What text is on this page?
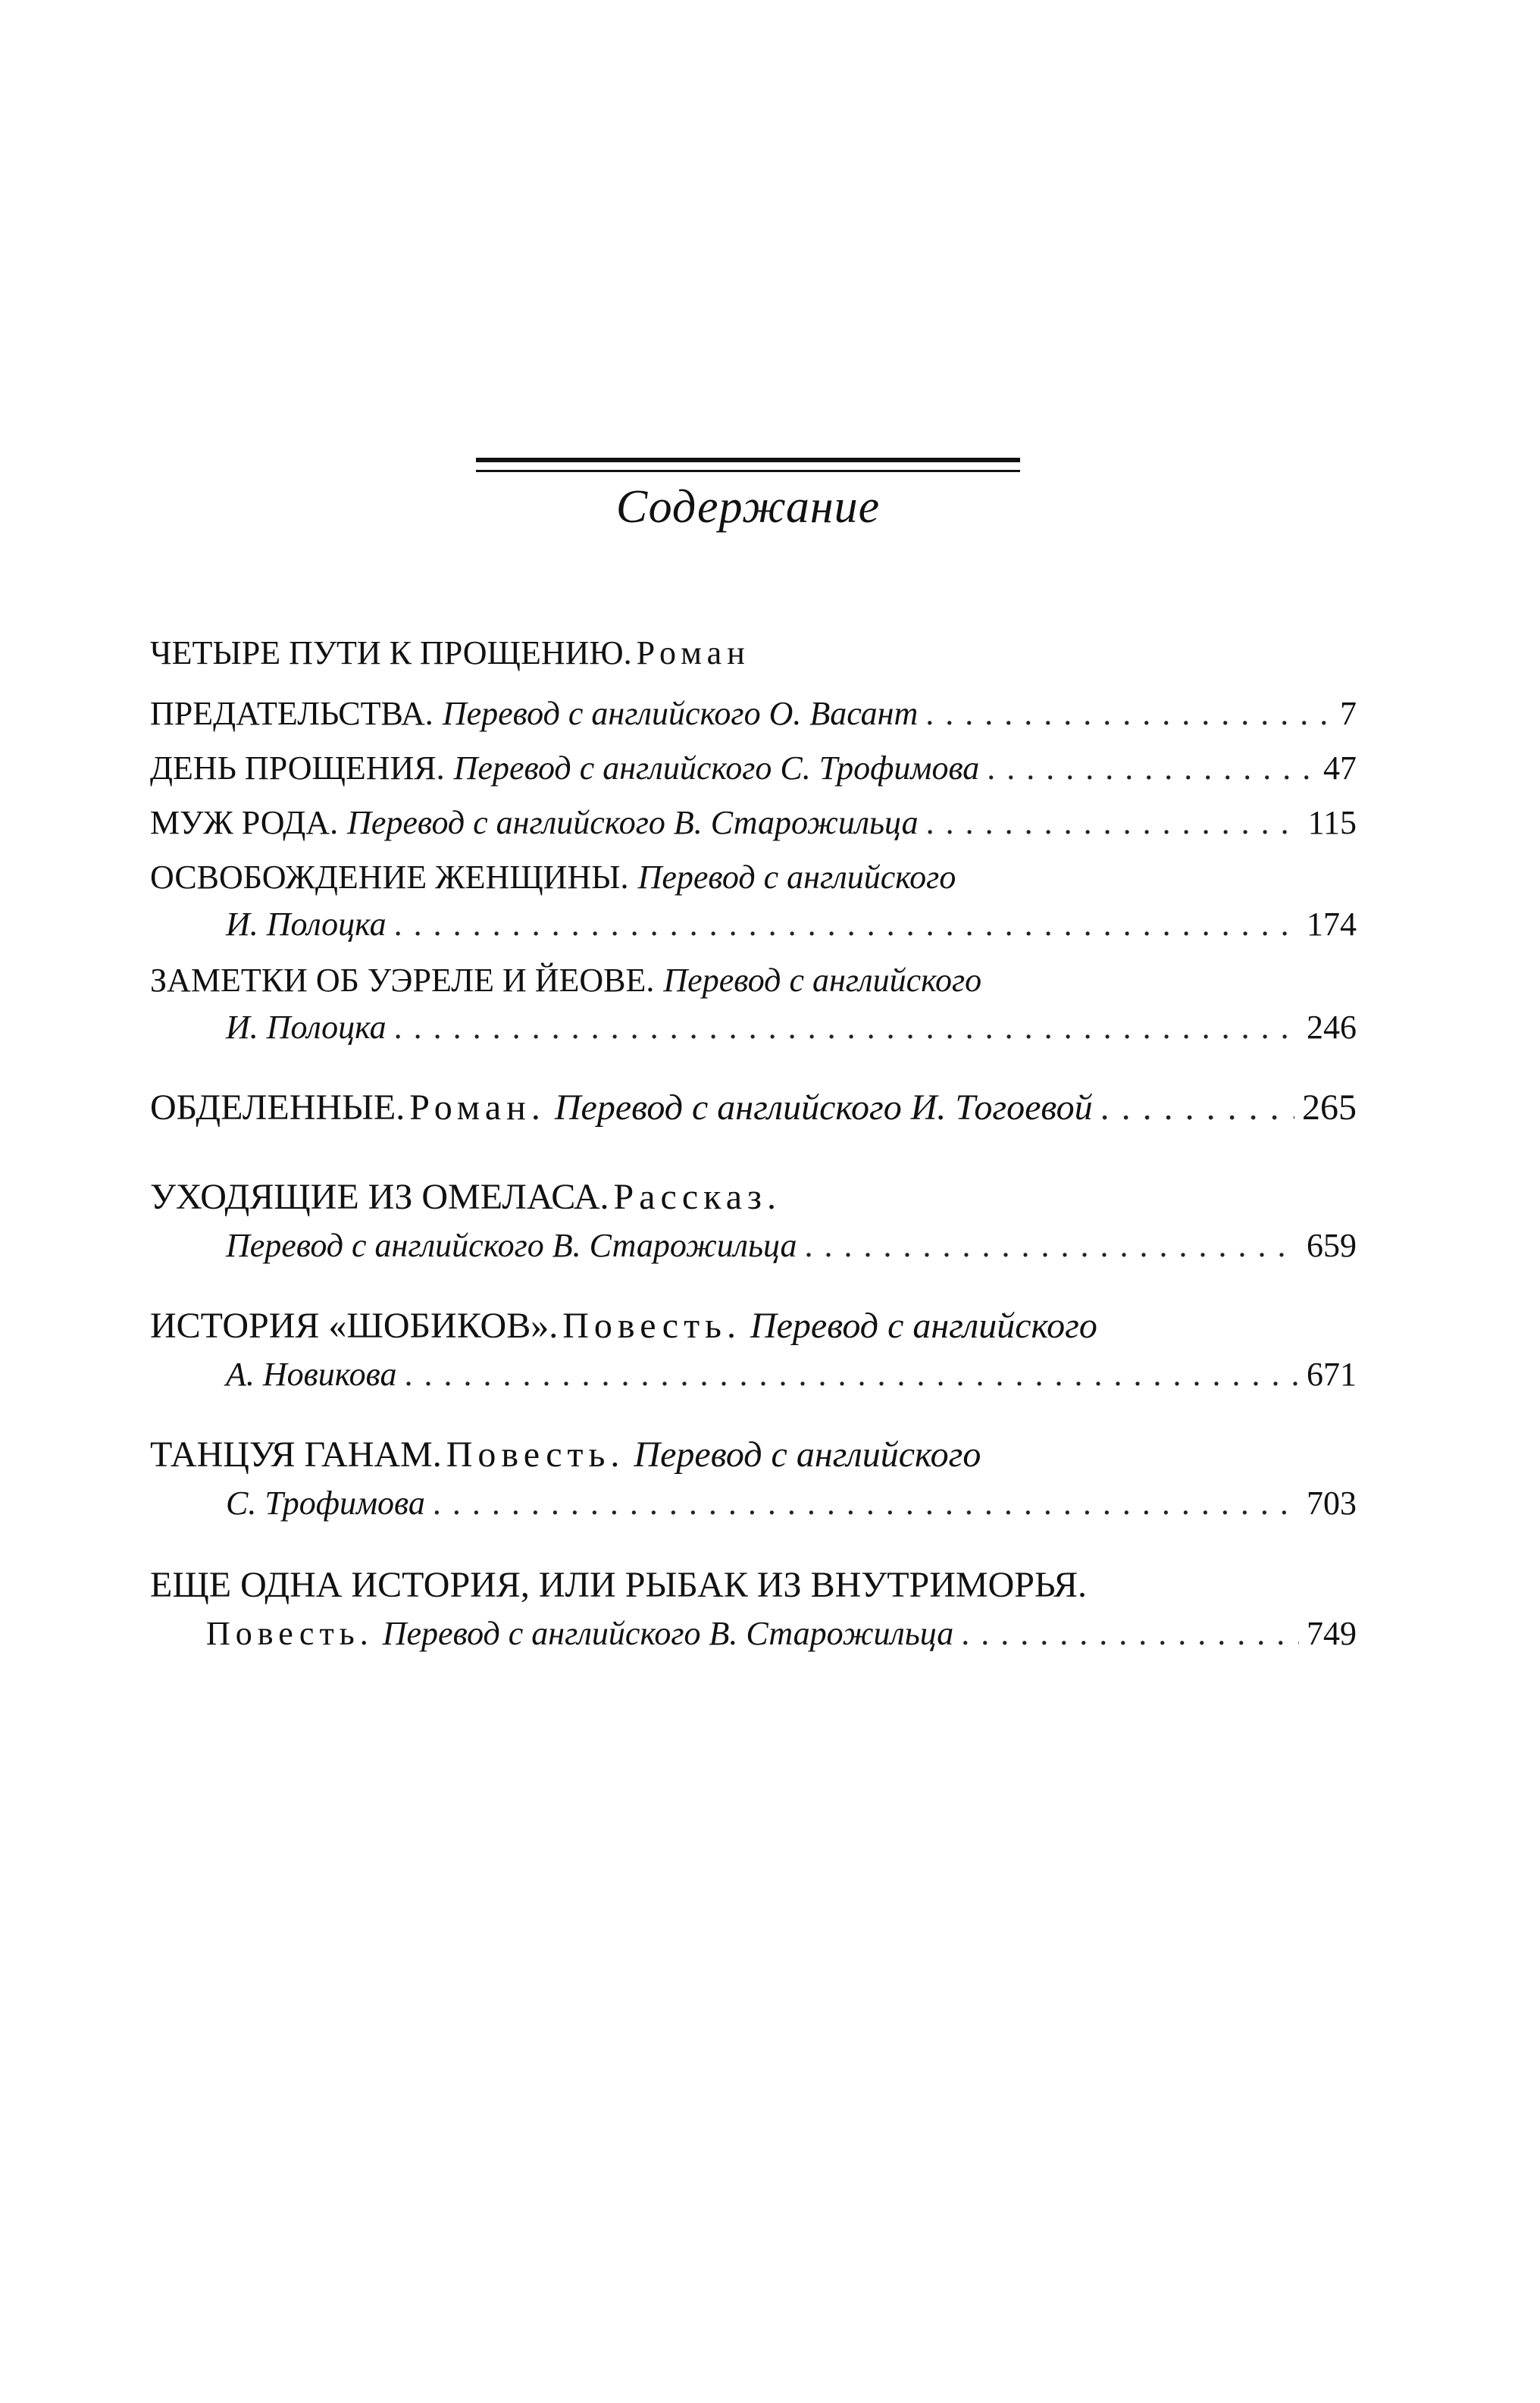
Содержание
ЧЕТЫРЕ ПУТИ К ПРОЩЕНИЮ. Роман
ПРЕДАТЕЛЬСТВА. Перевод с английского О. Васант . . .	7
ДЕНЬ ПРОЩЕНИЯ. Перевод с английского С. Трофимова . . .	47
МУЖ РОДА. Перевод с английского В. Старожильца . . .	115
ОСВОБОЖДЕНИЕ ЖЕНЩИНЫ. Перевод с английского
И. Полоцка . . .	174
ЗАМЕТКИ ОБ УЭРЕЛЕ И ЙЕОВЕ. Перевод с английского
И. Полоцка . . .	246
ОБДЕЛЕННЫЕ. Роман. Перевод с английского И. Тогоевой . . .	265
УХОДЯЩИЕ ИЗ ОМЕЛАСА. Рассказ.
Перевод с английского В. Старожильца . . .	659
ИСТОРИЯ «ШОБИКОВ». Повесть. Перевод с английского
А. Новикова . . .	671
ТАНЦУЯ ГАНАМ. Повесть. Перевод с английского
С. Трофимова . . .	703
ЕЩЕ ОДНА ИСТОРИЯ, ИЛИ РЫБАК ИЗ ВНУТРИМОРЬЯ.
Повесть. Перевод с английского В. Старожильца . . .	749
